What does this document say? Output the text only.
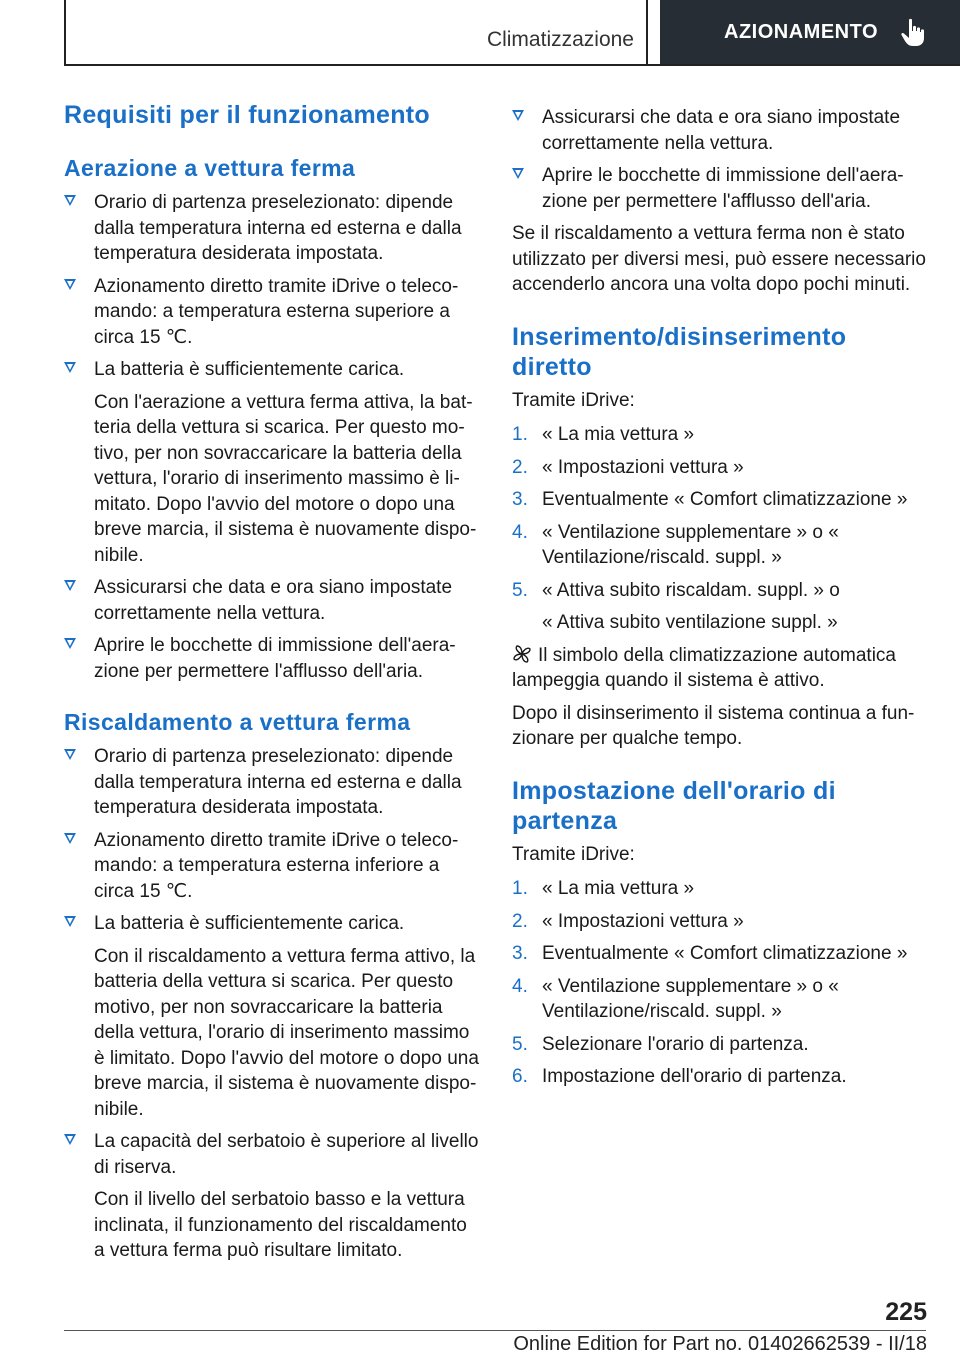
Climatizzazione	AZIONAMENTO
Requisiti per il funzionamento
Aerazione a vettura ferma
Orario di partenza preselezionato: dipende dalla temperatura interna ed esterna e dalla temperatura desiderata impostata.
Azionamento diretto tramite iDrive o teleco-mando: a temperatura esterna superiore a circa 15 ℃.
La batteria è sufficientemente carica.
Con l'aerazione a vettura ferma attiva, la bat-teria della vettura si scarica. Per questo mo-tivo, per non sovraccaricare la batteria della vettura, l'orario di inserimento massimo è li-mitato. Dopo l'avvio del motore o dopo una breve marcia, il sistema è nuovamente dispo-nibile.
Assicurarsi che data e ora siano impostate correttamente nella vettura.
Aprire le bocchette di immissione dell'aera-zione per permettere l'afflusso dell'aria.
Riscaldamento a vettura ferma
Orario di partenza preselezionato: dipende dalla temperatura interna ed esterna e dalla temperatura desiderata impostata.
Azionamento diretto tramite iDrive o teleco-mando: a temperatura esterna inferiore a circa 15 ℃.
La batteria è sufficientemente carica.
Con il riscaldamento a vettura ferma attivo, la batteria della vettura si scarica. Per questo motivo, per non sovraccaricare la batteria della vettura, l'orario di inserimento massimo è limitato. Dopo l'avvio del motore o dopo una breve marcia, il sistema è nuovamente dispo-nibile.
La capacità del serbatoio è superiore al livello di riserva.
Con il livello del serbatoio basso e la vettura inclinata, il funzionamento del riscaldamento a vettura ferma può risultare limitato.
Assicurarsi che data e ora siano impostate correttamente nella vettura.
Aprire le bocchette di immissione dell'aera-zione per permettere l'afflusso dell'aria.

Se il riscaldamento a vettura ferma non è stato utilizzato per diversi mesi, può essere necessario accenderlo ancora una volta dopo pochi minuti.

Inserimento/disinserimento diretto

Tramite iDrive:

1. « La mia vettura »
2. « Impostazioni vettura »
3. Eventualmente « Comfort climatizzazione »
4. « Ventilazione supplementare » o « Ventilazione/riscald. suppl. »
5. « Attiva subito riscaldam. suppl. » o
« Attiva subito ventilazione suppl. »

Il simbolo della climatizzazione automatica lampeggia quando il sistema è attivo.

Dopo il disinserimento il sistema continua a fun-zionare per qualche tempo.

Impostazione dell'orario di partenza

Tramite iDrive:

1. « La mia vettura »
2. « Impostazioni vettura »
3. Eventualmente « Comfort climatizzazione »
4. « Ventilazione supplementare » o « Ventilazione/riscald. suppl. »
5. Selezionare l'orario di partenza.
6. Impostazione dell'orario di partenza.
225
Online Edition for Part no. 01402662539 - II/18
